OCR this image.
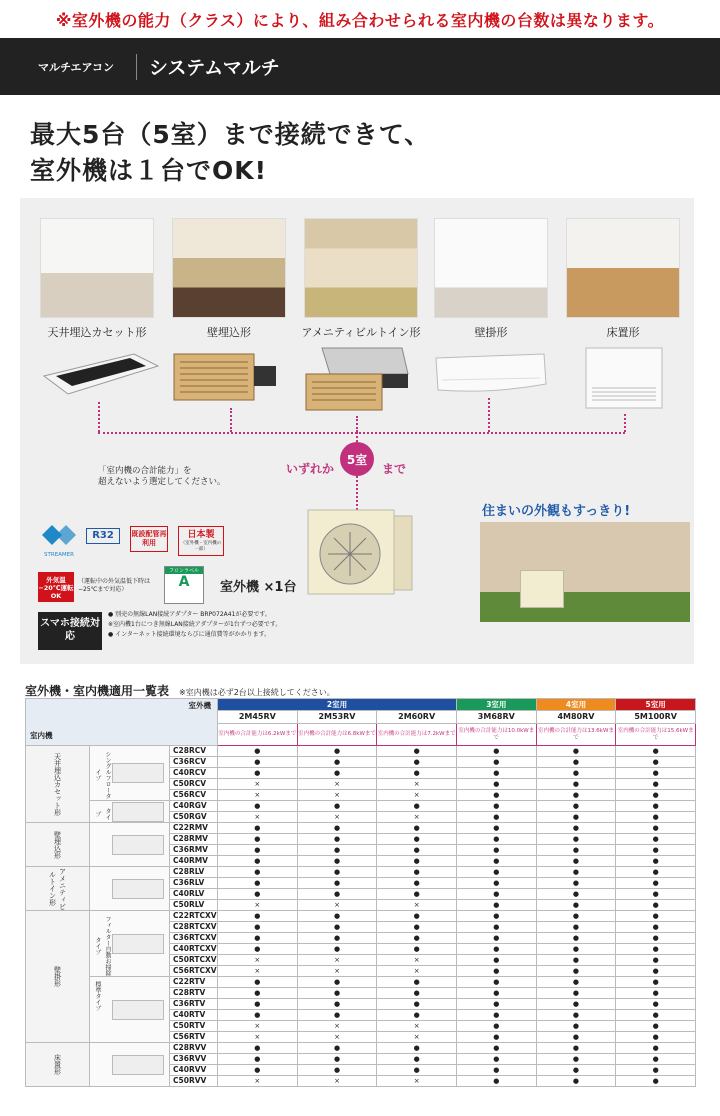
※室外機の能力（クラス）により、組み合わせられる室内機の台数は異なります。
マルチエアコン システムマルチ
最大5台（5室）まで接続できて、
室外機は１台でOK!
天井埋込カセット形	壁埋込形	アメニティビルトイン形	壁掛形	床置形
「室内機の合計能力」を
超えないよう選定してください。
いずれか
5室
まで
室外機 ×1台
STREAMER
R32	既設配管再利用
日本製
（室外機・室内機の一部）
外気温−20℃運転OK
（運転中の外気温低下時は−25℃まで対応）
フロンラベル
A
スマホ接続対応
● 別売の無線LAN接続アダプター BRP072A41が必要です。
※室内機1台につき無線LAN接続アダプターが1台ずつ必要です。
● インターネット接続環境ならびに通信費等がかかります。
住まいの外観もすっきり!
室外機・室内機適用一覧表 ※室内機は必ず2台以上接続してください。
室外機
室内機			2室用			3室用	4室用	5室用
			2M45RV	2M53RV	2M60RV	3M68RV	4M80RV	5M100RV
			室内機の合計能力は6.2kWまで	室内機の合計能力は6.8kWまで	室内機の合計能力は7.2kWまで	室内機の合計能力は10.0kWまで	室内機の合計能力は13.6kWまで	室内機の合計能力は15.6kWまで
天井埋込カセット形	シングルフロータイプ	C28RCV	●	●	●	●	●	●
		C36RCV	●	●	●	●	●	●
		C40RCV	●	●	●	●	●	●
		C50RCV	×	×	×	●	●	●
		C56RCV	×	×	×	●	●	●

	タイプ	C40RGV	●	●	●	●	●	●
		C50RGV	×	×	×	●	●	●
壁埋込形		C22RMV	●	●	●	●	●	●
		C28RMV	●	●	●	●	●	●
		C36RMV	●	●	●	●	●	●
		C40RMV	●	●	●	●	●	●
アメニティビルトイン形		C28RLV	●	●	●	●	●	●
		C36RLV	●	●	●	●	●	●
		C40RLV	●	●	●	●	●	●
		C50RLV	×	×	×	●	●	●
壁掛形	フィルター自動お掃除タイプ	C22RTCXV	●	●	●	●	●	●
		C28RTCXV	●	●	●	●	●	●
		C36RTCXV	●	●	●	●	●	●
		C40RTCXV	●	●	●	●	●	●
		C50RTCXV	×	×	×	●	●	●
		C56RTCXV	×	×	×	●	●	●

	標準タイプ	C22RTV	●	●	●	●	●	●
		C28RTV	●	●	●	●	●	●
		C36RTV	●	●	●	●	●	●
		C40RTV	●	●	●	●	●	●
		C50RTV	×	×	×	●	●	●
		C56RTV	×	×	×	●	●	●
床置形		C28RVV	●	●	●	●	●	●
		C36RVV	●	●	●	●	●	●
		C40RVV	●	●	●	●	●	●
		C50RVV	×	×	×	●	●	●
